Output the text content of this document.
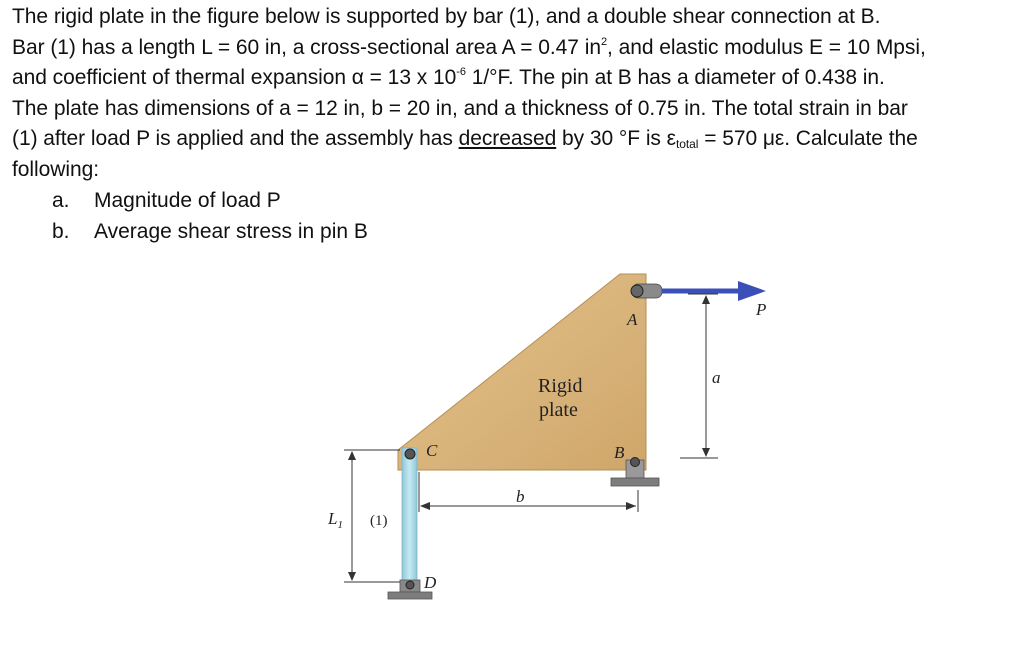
The rigid plate in the figure below is supported by bar (1), and a double shear connection at B.
Bar (1) has a length L = 60 in, a cross-sectional area A = 0.47 $in^2$, and elastic modulus E = 10 Mpsi,
and coefficient of thermal expansion α = 13 x $10^{-6}$ 1/°F. The pin at B has a diameter of 0.438 in.
The plate has dimensions of a = 12 in, b = 20 in, and a thickness of 0.75 in. The total strain in bar
(1) after load P is applied and the assembly has decreased by 30 °F is $\varepsilon_{total} = 570$ με. Calculate the
following:
a. Magnitude of load P
b. Average shear stress in pin B
Rigid
plate
A
B
C
D
P
a
b
$L_1$ (1)
